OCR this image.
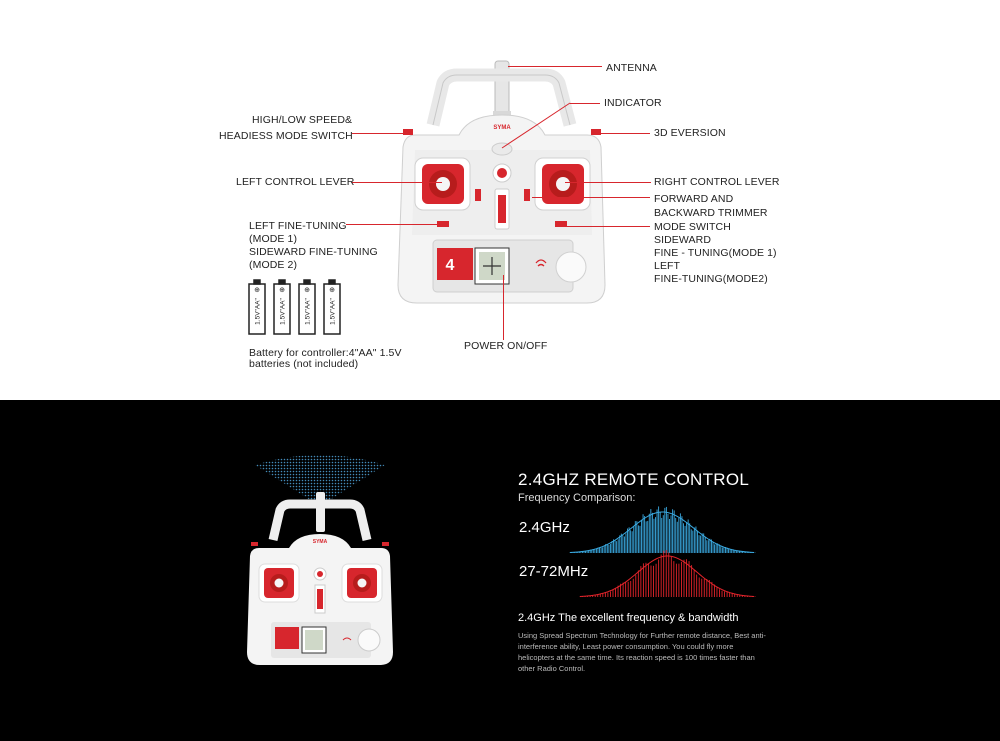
SYMA
4
ANTENNA
INDICATOR
HIGH/LOW SPEED&
HEADIESS MODE SWITCH	3D EVERSION
LEFT CONTROL LEVER	RIGHT CONTROL LEVER
FORWARD AND
BACKWARD TRIMMER
LEFT FINE-TUNING
(MODE 1)
SIDEWARD FINE-TUNING
(MODE 2)
MODE SWITCH
SIDEWARD
FINE - TUNING(MODE 1)
LEFT
FINE-TUNING(MODE2)
POWER ON/OFF
⊕	⊕	⊕	⊕
1.5V"AA"	1.5V"AA"	1.5V"AA"	1.5V"AA"
Battery for controller:4"AA" 1.5V
batteries (not included)
SYMA
2.4GHZ REMOTE CONTROL
Frequency Comparison:
2.4GHz
27-72MHz
2.4GHz The excellent frequency & bandwidth
Using Spread Spectrum Technology for Further remote distance, Best anti-interference ability, Least power consumption. You could fly more helicopters at the same time. Its reaction speed is 100 times faster than other Radio Control.
